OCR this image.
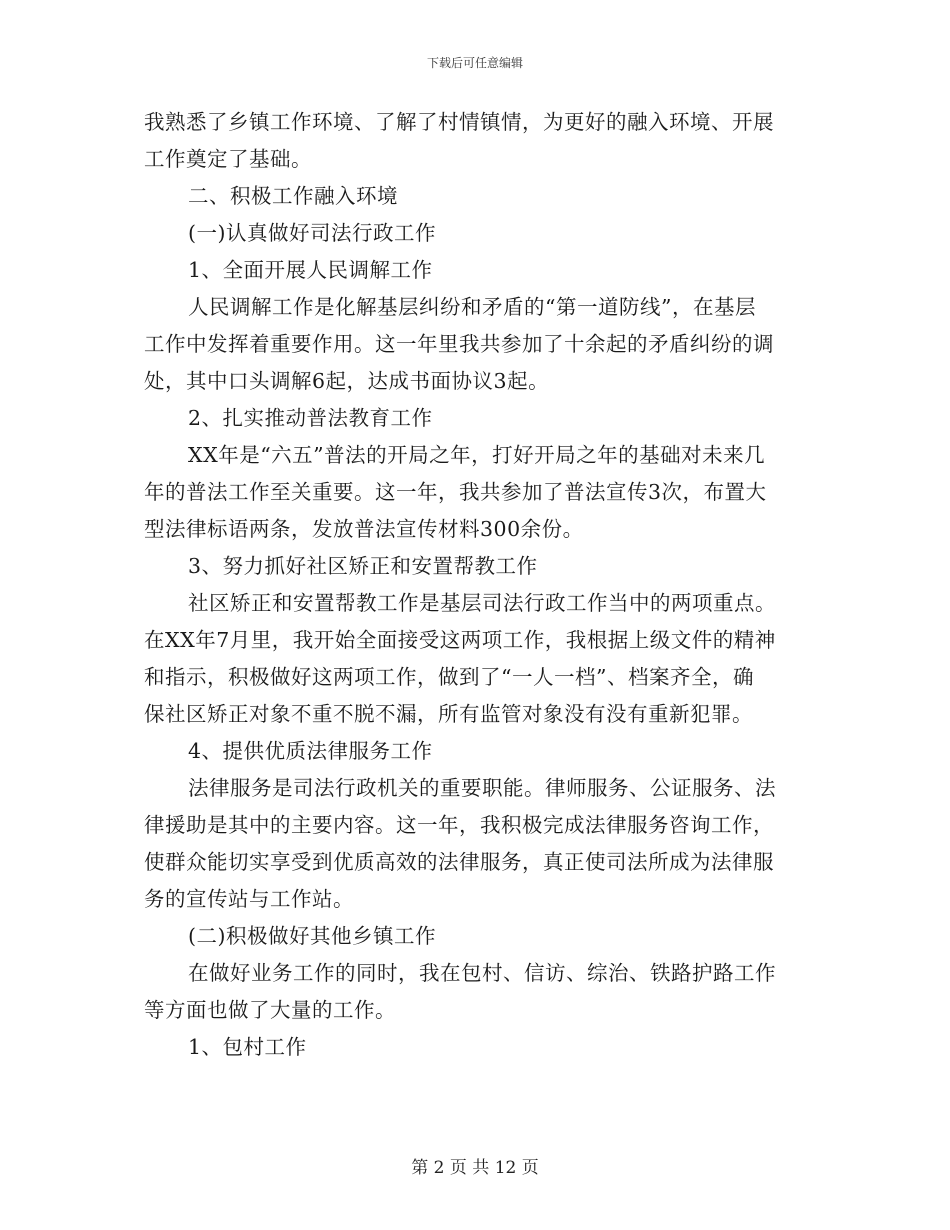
下载后可任意编辑
我熟悉了乡镇工作环境、了解了村情镇情，为更好的融入环境、开展
工作奠定了基础。
二、积极工作融入环境
(一)认真做好司法行政工作
1、全面开展人民调解工作
人民调解工作是化解基层纠纷和矛盾的“第一道防线”，在基层
工作中发挥着重要作用。这一年里我共参加了十余起的矛盾纠纷的调
处，其中口头调解6起，达成书面协议3起。
2、扎实推动普法教育工作
XX年是“六五”普法的开局之年，打好开局之年的基础对未来几
年的普法工作至关重要。这一年，我共参加了普法宣传3次，布置大
型法律标语两条，发放普法宣传材料300余份。
3、努力抓好社区矫正和安置帮教工作
社区矫正和安置帮教工作是基层司法行政工作当中的两项重点。
在XX年7月里，我开始全面接受这两项工作，我根据上级文件的精神
和指示，积极做好这两项工作，做到了“一人一档”、档案齐全，确
保社区矫正对象不重不脱不漏，所有监管对象没有没有重新犯罪。
4、提供优质法律服务工作
法律服务是司法行政机关的重要职能。律师服务、公证服务、法
律援助是其中的主要内容。这一年，我积极完成法律服务咨询工作，
使群众能切实享受到优质高效的法律服务，真正使司法所成为法律服
务的宣传站与工作站。
(二)积极做好其他乡镇工作
在做好业务工作的同时，我在包村、信访、综治、铁路护路工作
等方面也做了大量的工作。
1、包村工作
第 2 页 共 12 页
